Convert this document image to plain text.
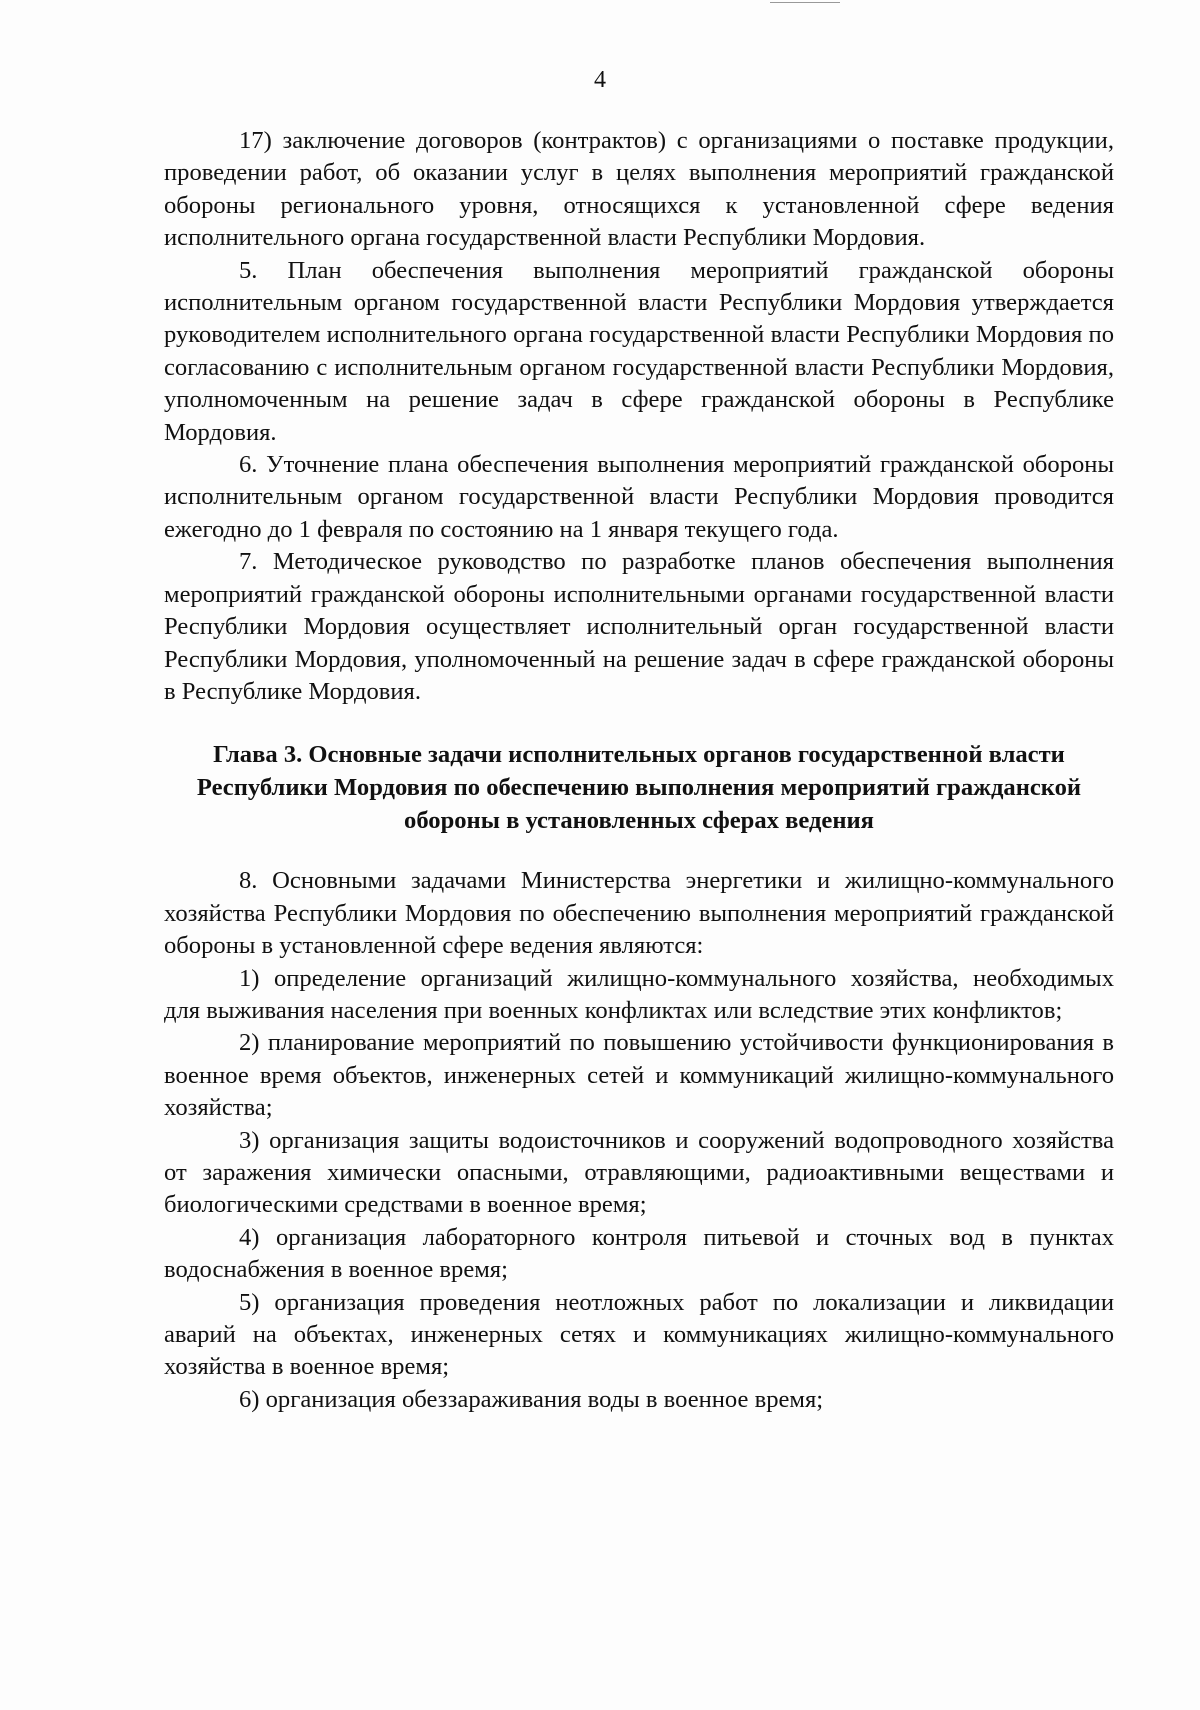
4

17) заключение договоров (контрактов) с организациями о поставке продукции, проведении работ, об оказании услуг в целях выполнения мероприятий гражданской обороны регионального уровня, относящихся к установленной сфере ведения исполнительного органа государственной власти Республики Мордовия.

5. План обеспечения выполнения мероприятий гражданской обороны исполнительным органом государственной власти Республики Мордовия утверждается руководителем исполнительного органа государственной власти Республики Мордовия по согласованию с исполнительным органом государственной власти Республики Мордовия, уполномоченным на решение задач в сфере гражданской обороны в Республике Мордовия.

6. Уточнение плана обеспечения выполнения мероприятий гражданской обороны исполнительным органом государственной власти Республики Мордовия проводится ежегодно до 1 февраля по состоянию на 1 января текущего года.

7. Методическое руководство по разработке планов обеспечения выполнения мероприятий гражданской обороны исполнительными органами государственной власти Республики Мордовия осуществляет исполнительный орган государственной власти Республики Мордовия, уполномоченный на решение задач в сфере гражданской обороны в Республике Мордовия.

Глава 3. Основные задачи исполнительных органов государственной власти Республики Мордовия по обеспечению выполнения мероприятий гражданской обороны в установленных сферах ведения

8. Основными задачами Министерства энергетики и жилищно-коммунального хозяйства Республики Мордовия по обеспечению выполнения мероприятий гражданской обороны в установленной сфере ведения являются:

1) определение организаций жилищно-коммунального хозяйства, необходимых для выживания населения при военных конфликтах или вследствие этих конфликтов;

2) планирование мероприятий по повышению устойчивости функционирования в военное время объектов, инженерных сетей и коммуникаций жилищно-коммунального хозяйства;

3) организация защиты водоисточников и сооружений водопроводного хозяйства от заражения химически опасными, отравляющими, радиоактивными веществами и биологическими средствами в военное время;

4) организация лабораторного контроля питьевой и сточных вод в пунктах водоснабжения в военное время;

5) организация проведения неотложных работ по локализации и ликвидации аварий на объектах, инженерных сетях и коммуникациях жилищно-коммунального хозяйства в военное время;

6) организация обеззараживания воды в военное время;
